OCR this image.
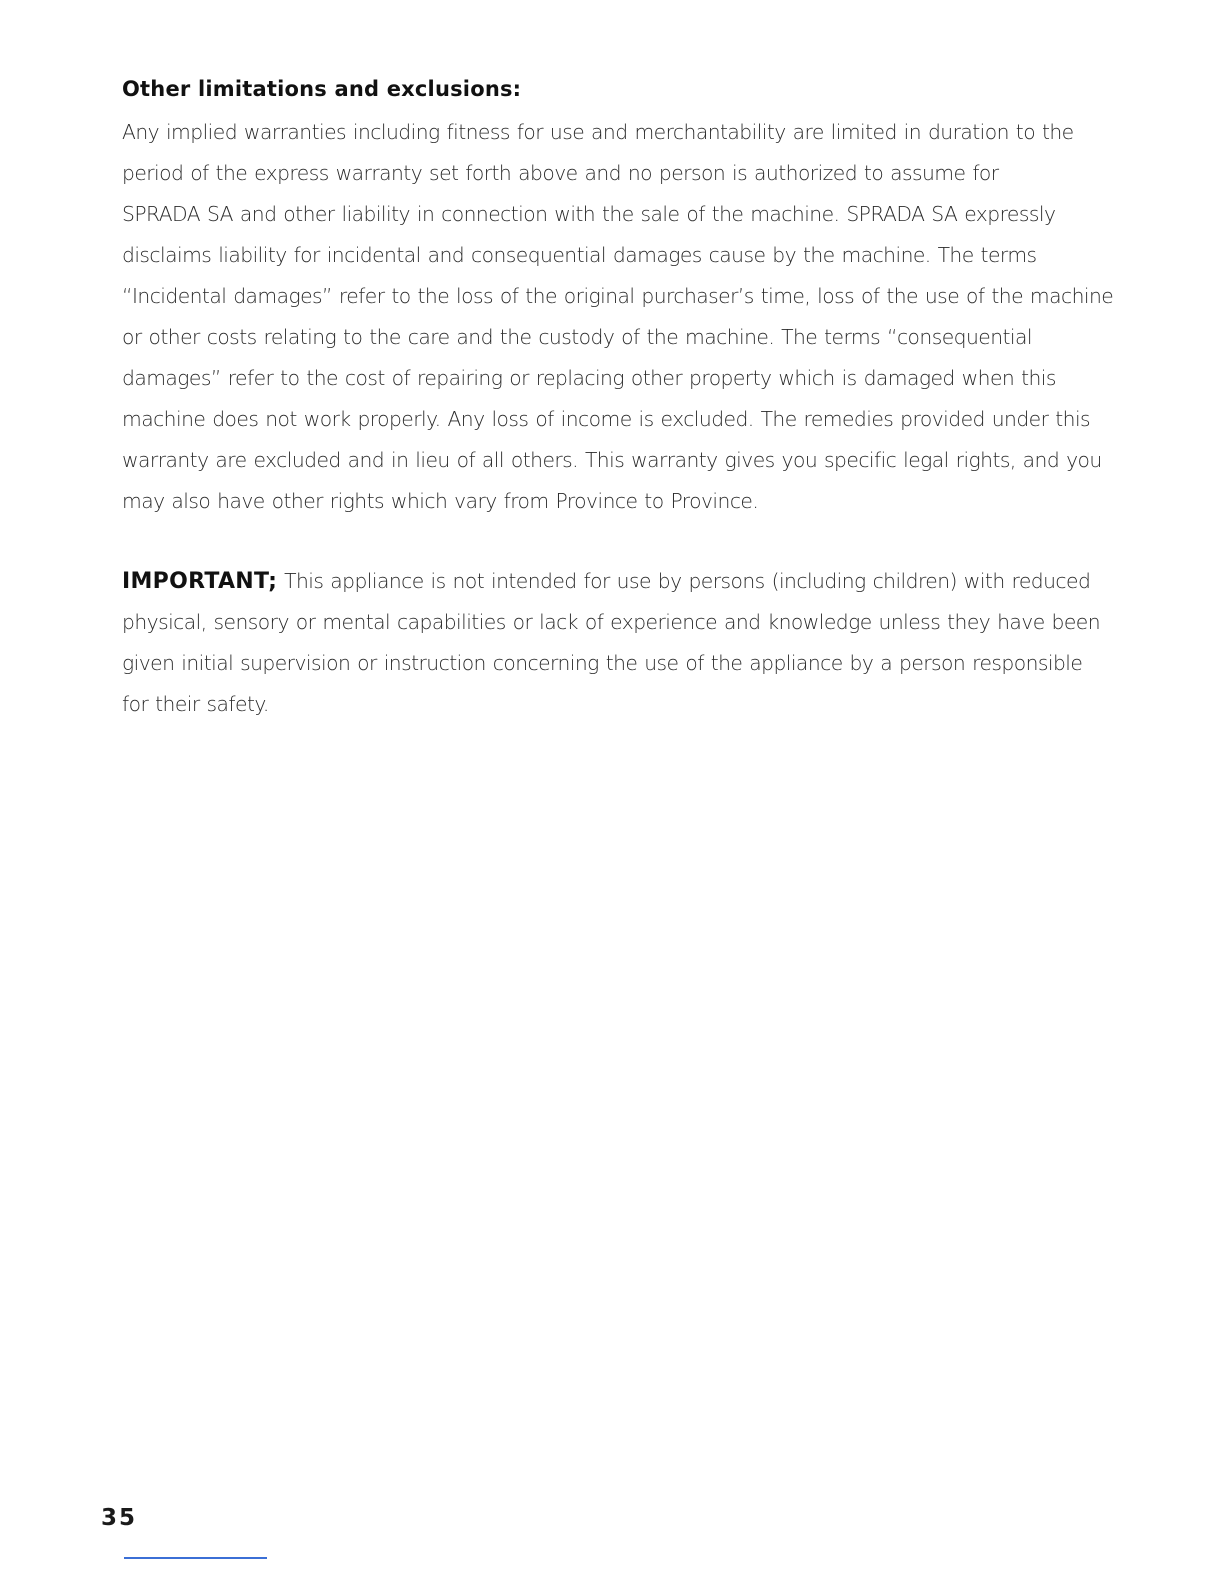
Other limitations and exclusions:

Any implied warranties including fitness for use and merchantability are limited in duration to the
period of the express warranty set forth above and no person is authorized to assume for
SPRADA SA and other liability in connection with the sale of the machine. SPRADA SA expressly
disclaims liability for incidental and consequential damages cause by the machine. The terms
“Incidental damages” refer to the loss of the original purchaser’s time, loss of the use of the machine
or other costs relating to the care and the custody of the machine. The terms “consequential
damages” refer to the cost of repairing or replacing other property which is damaged when this
machine does not work properly. Any loss of income is excluded. The remedies provided under this
warranty are excluded and in lieu of all others. This warranty gives you specific legal rights, and you
may also have other rights which vary from Province to Province.

IMPORTANT; This appliance is not intended for use by persons (including children) with reduced
physical, sensory or mental capabilities or lack of experience and knowledge unless they have been
given initial supervision or instruction concerning the use of the appliance by a person responsible
for their safety.

35
